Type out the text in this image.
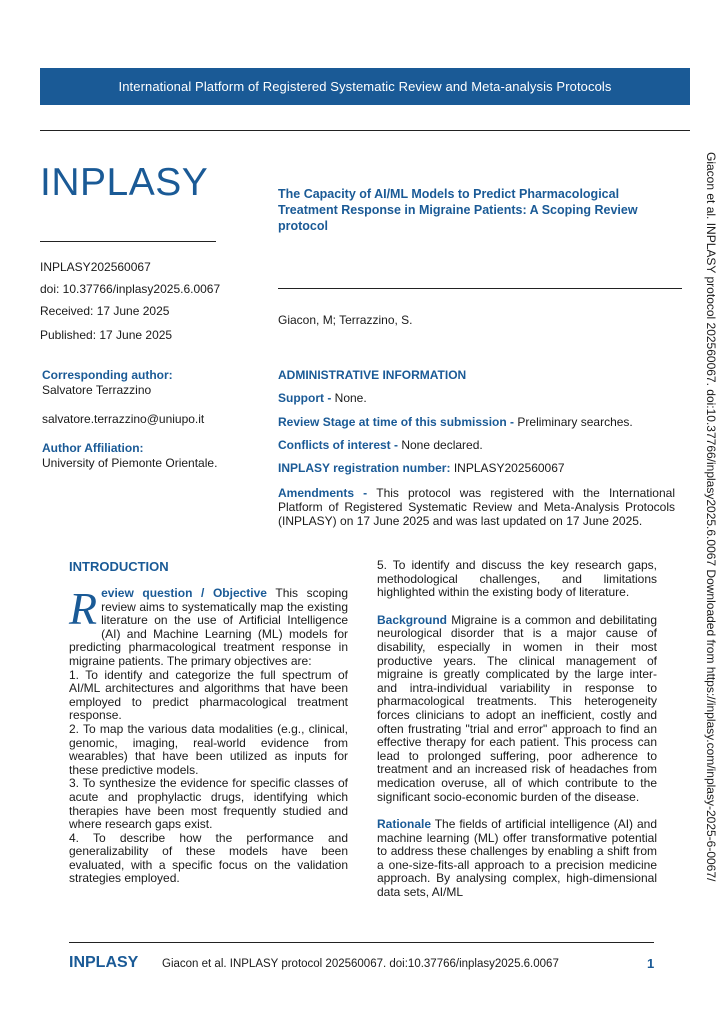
International Platform of Registered Systematic Review and Meta-analysis Protocols
INPLASY
INPLASY202560067
doi: 10.37766/inplasy2025.6.0067
Received: 17 June 2025
Published: 17 June 2025
The Capacity of AI/ML Models to Predict Pharmacological Treatment Response in Migraine Patients: A Scoping Review protocol
Giacon, M; Terrazzino, S.
Corresponding author:
Salvatore Terrazzino
salvatore.terrazzino@uniupo.it
Author Affiliation:
University of Piemonte Orientale.
ADMINISTRATIVE INFORMATION
Support - None.
Review Stage at time of this submission - Preliminary searches.
Conflicts of interest - None declared.
INPLASY registration number: INPLASY202560067
Amendments - This protocol was registered with the International Platform of Registered Systematic Review and Meta-Analysis Protocols (INPLASY) on 17 June 2025 and was last updated on 17 June 2025.
INTRODUCTION

Review question / Objective This scoping review aims to systematically map the existing literature on the use of Artificial Intelligence (AI) and Machine Learning (ML) models for predicting pharmacological treatment response in migraine patients. The primary objectives are:

1. To identify and categorize the full spectrum of AI/ML architectures and algorithms that have been employed to predict pharmacological treatment response.

2. To map the various data modalities (e.g., clinical, genomic, imaging, real-world evidence from wearables) that have been utilized as inputs for these predictive models.

3. To synthesize the evidence for specific classes of acute and prophylactic drugs, identifying which therapies have been most frequently studied and where research gaps exist.

4. To describe how the performance and generalizability of these models have been evaluated, with a specific focus on the validation strategies employed.

5. To identify and discuss the key research gaps, methodological challenges, and limitations highlighted within the existing body of literature.

Background Migraine is a common and debilitating neurological disorder that is a major cause of disability, especially in women in their most productive years. The clinical management of migraine is greatly complicated by the large inter- and intra-individual variability in response to pharmacological treatments. This heterogeneity forces clinicians to adopt an inefficient, costly and often frustrating "trial and error" approach to find an effective therapy for each patient. This process can lead to prolonged suffering, poor adherence to treatment and an increased risk of headaches from medication overuse, all of which contribute to the significant socio-economic burden of the disease.

Rationale The fields of artificial intelligence (AI) and machine learning (ML) offer transformative potential to address these challenges by enabling a shift from a one-size-fits-all approach to a precision medicine approach. By analysing complex, high-dimensional data sets, AI/ML

Giacon et al. INPLASY protocol 202560067. doi:10.37766/inplasy2025.6.0067 Downloaded from https://inplasy.com/inplasy-2025-6-0067/
INPLASY Giacon et al. INPLASY protocol 202560067. doi:10.37766/inplasy2025.6.0067	1
